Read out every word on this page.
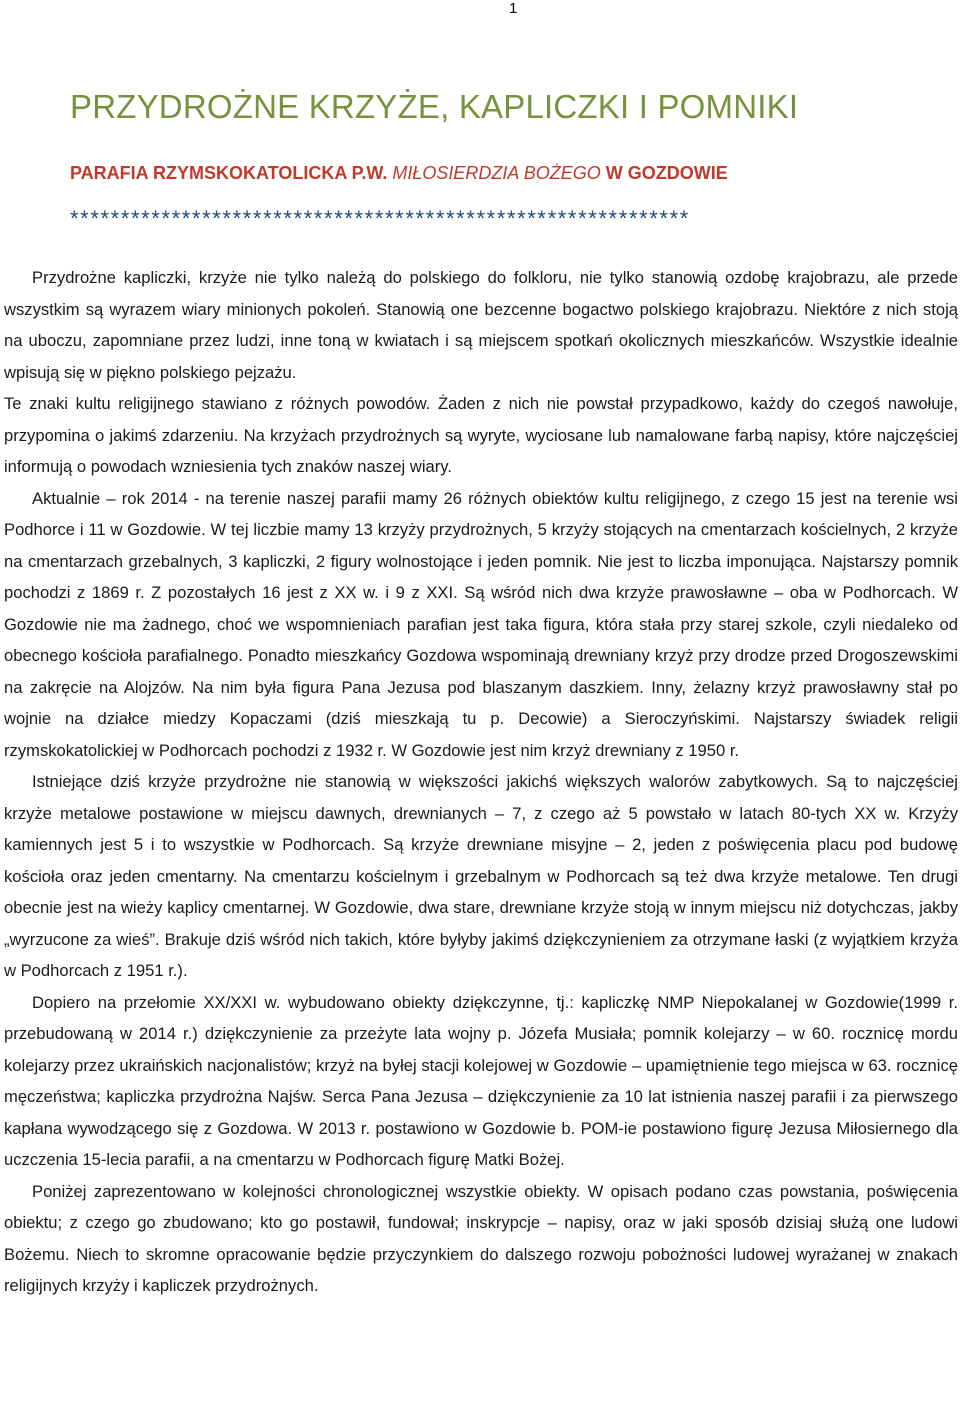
1
PRZYDROŻNE KRZYŻE, KAPLICZKI I POMNIKI
PARAFIA RZYMSKOKATOLICKA P.W. MIŁOSIERDZIA BOŻEGO W GOZDOWIE
*************************************************************

Przydrożne kapliczki, krzyże nie tylko należą do polskiego do folkloru, nie tylko stanowią ozdobę krajobrazu, ale przede wszystkim są wyrazem wiary minionych pokoleń. Stanowią one bezcenne bogactwo polskiego krajobrazu. Niektóre z nich stoją na uboczu, zapomniane przez ludzi, inne toną w kwiatach i są miejscem spotkań okolicznych mieszkańców. Wszystkie idealnie wpisują się w piękno polskiego pejzażu.

Te znaki kultu religijnego stawiano z różnych powodów. Żaden z nich nie powstał przypadkowo, każdy do czegoś nawołuje, przypomina o jakimś zdarzeniu. Na krzyżach przydrożnych są wyryte, wyciosane lub namalowane farbą napisy, które najczęściej informują o powodach wzniesienia tych znaków naszej wiary.

Aktualnie – rok 2014 - na terenie naszej parafii mamy 26 różnych obiektów kultu religijnego, z czego 15 jest na terenie wsi Podhorce i 11 w Gozdowie. W tej liczbie mamy 13 krzyży przydrożnych, 5 krzyży stojących na cmentarzach kościelnych, 2 krzyże na cmentarzach grzebalnych, 3 kapliczki, 2 figury wolnostojące i jeden pomnik. Nie jest to liczba imponująca. Najstarszy pomnik pochodzi z 1869 r. Z pozostałych 16 jest z XX w. i 9 z XXI. Są wśród nich dwa krzyże prawosławne – oba w Podhorcach. W Gozdowie nie ma żadnego, choć we wspomnieniach parafian jest taka figura, która stała przy starej szkole, czyli niedaleko od obecnego kościoła parafialnego. Ponadto mieszkańcy Gozdowa wspominają drewniany krzyż przy drodze przed Drogoszewskimi na zakręcie na Alojzów. Na nim była figura Pana Jezusa pod blaszanym daszkiem. Inny, żelazny krzyż prawosławny stał po wojnie na działce miedzy Kopaczami (dziś mieszkają tu p. Decowie) a Sieroczyńskimi. Najstarszy świadek religii rzymskokatolickiej w Podhorcach pochodzi z 1932 r. W Gozdowie jest nim krzyż drewniany z 1950 r.

Istniejące dziś krzyże przydrożne nie stanowią w większości jakichś większych walorów zabytkowych. Są to najczęściej krzyże metalowe postawione w miejscu dawnych, drewnianych – 7, z czego aż 5 powstało w latach 80-tych XX w. Krzyży kamiennych jest 5 i to wszystkie w Podhorcach. Są krzyże drewniane misyjne – 2, jeden z poświęcenia placu pod budowę kościoła oraz jeden cmentarny. Na cmentarzu kościelnym i grzebalnym w Podhorcach są też dwa krzyże metalowe. Ten drugi obecnie jest na wieży kaplicy cmentarnej. W Gozdowie, dwa stare, drewniane krzyże stoją w innym miejscu niż dotychczas, jakby „wyrzucone za wieś”. Brakuje dziś wśród nich takich, które byłyby jakimś dziękczynieniem za otrzymane łaski (z wyjątkiem krzyża w Podhorcach z 1951 r.).

Dopiero na przełomie XX/XXI w. wybudowano obiekty dziękczynne, tj.: kapliczkę NMP Niepokalanej w Gozdowie(1999 r. przebudowaną w 2014 r.) dziękczynienie za przeżyte lata wojny p. Józefa Musiała; pomnik kolejarzy – w 60. rocznicę mordu kolejarzy przez ukraińskich nacjonalistów; krzyż na byłej stacji kolejowej w Gozdowie – upamiętnienie tego miejsca w 63. rocznicę męczeństwa; kapliczka przydrożna Najśw. Serca Pana Jezusa – dziękczynienie za 10 lat istnienia naszej parafii i za pierwszego kapłana wywodzącego się z Gozdowa. W 2013 r. postawiono w Gozdowie b. POM-ie postawiono figurę Jezusa Miłosiernego dla uczczenia 15-lecia parafii, a na cmentarzu w Podhorcach figurę Matki Bożej.

Poniżej zaprezentowano w kolejności chronologicznej wszystkie obiekty. W opisach podano czas powstania, poświęcenia obiektu; z czego go zbudowano; kto go postawił, fundował; inskrypcje – napisy, oraz w jaki sposób dzisiaj służą one ludowi Bożemu. Niech to skromne opracowanie będzie przyczynkiem do dalszego rozwoju pobożności ludowej wyrażanej w znakach religijnych krzyży i kapliczek przydrożnych.
